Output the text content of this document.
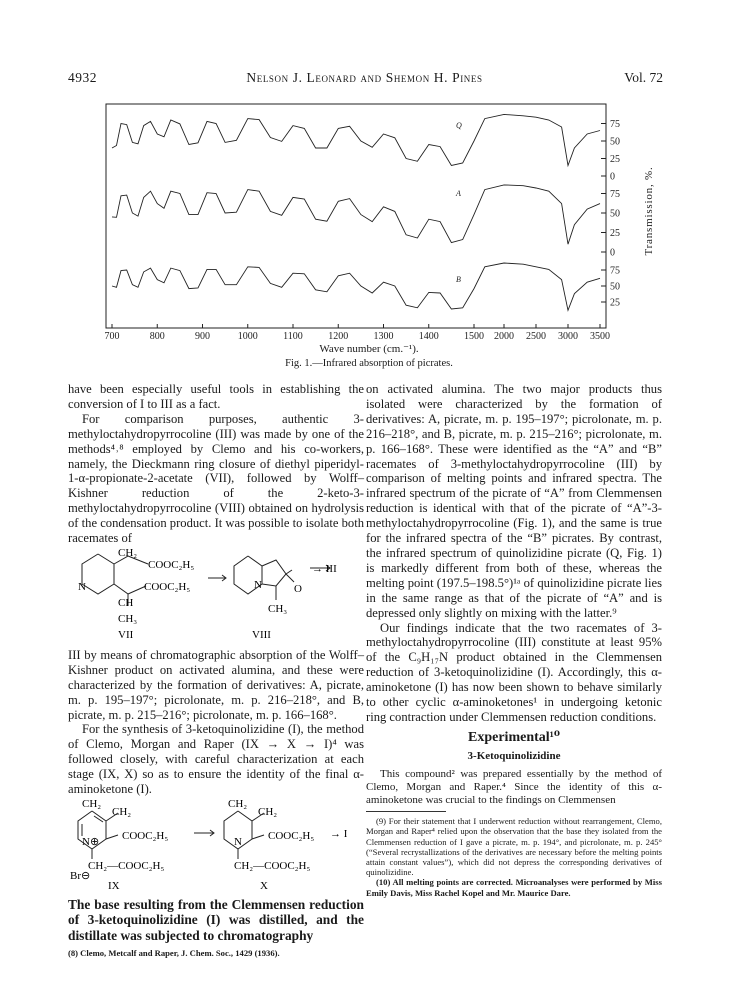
4932	Nelson J. Leonard and Shemon H. Pines	Vol. 72
700	800	900	1000	1100	1200	1300	1400	1500 2000 2500 3000 3500
75
50
25
0
75
50
25
0
75
50
25
Q
A
B
Transmission, %.
Wave number (cm.⁻¹).
Fig. 1.—Infrared absorption of picrates.

have been especially useful tools in establishing the conversion of I to III as a fact.

For comparison purposes, authentic 3-methyloctahydropyrrocoline (III) was made by one of the methods⁴˒⁸ employed by Clemo and his co-workers, namely, the Dieckmann ring closure of diethyl piperidyl-1-α-propionate-2-acetate (VII), followed by Wolff–Kishner reduction of the 2-keto-3-methyloctahydropyrrocoline (VIII) obtained on hydrolysis of the condensation product. It was possible to isolate both racemates of

CH₂
COOC₂H₅
N	COOC₂H₅
CH
CH₃
N	O
CH₃
→ III
VII	VIII

III by means of chromatographic absorption of the Wolff–Kishner product on activated alumina, and these were characterized by the formation of derivatives: A, picrate, m. p. 195–197°; picrolonate, m. p. 216–218°, and B, picrate, m. p. 215–216°; picrolonate, m. p. 166–168°.

For the synthesis of 3-ketoquinolizidine (I), the method of Clemo, Morgan and Raper (IX → X → I)⁴ was followed closely, with careful characterization at each stage (IX, X) so as to ensure the identity of the final α-aminoketone (I).

CH₂
CH₂
COOC₂H₅
N⊕
CH₂—COOC₂H₅
Br⊖
CH₂
CH₂
COOC₂H₅
N
CH₂—COOC₂H₅
→ I
IX	X

The base resulting from the Clemmensen reduction of 3-ketoquinolizidine (I) was distilled, and the distillate was subjected to chromatography

(8) Clemo, Metcalf and Raper, J. Chem. Soc., 1429 (1936).

on activated alumina. The two major products thus isolated were characterized by the formation of derivatives: A, picrate, m. p. 195–197°; picrolonate, m. p. 216–218°, and B, picrate, m. p. 215–216°; picrolonate, m. p. 166–168°. These were identified as the “A” and “B” racemates of 3-methyloctahydropyrrocoline (III) by comparison of melting points and infrared spectra. The infrared spectrum of the picrate of “A” from Clemmensen reduction is identical with that of the picrate of “A”-3-methyloctahydropyrrocoline (Fig. 1), and the same is true for the infrared spectra of the “B” picrates. By contrast, the infrared spectrum of quinolizidine picrate (Q, Fig. 1) is markedly different from both of these, whereas the melting point (197.5–198.5°)¹ᵃ of quinolizidine picrate lies in the same range as that of the picrate of “A” and is depressed only slightly on mixing with the latter.⁹

Our findings indicate that the two racemates of 3-methyloctahydropyrrocoline (III) constitute at least 95% of the C₉H₁₇N product obtained in the Clemmensen reduction of 3-ketoquinolizidine (I). Accordingly, this α-aminoketone (I) has now been shown to behave similarly to other cyclic α-aminoketones¹ in undergoing ketonic ring contraction under Clemmensen reduction conditions.

Experimental¹⁰
3-Ketoquinolizidine

This compound² was prepared essentially by the method of Clemo, Morgan and Raper.⁴ Since the identity of this α-aminoketone was crucial to the findings on Clemmensen

(9) For their statement that I underwent reduction without rearrangement, Clemo, Morgan and Raper⁴ relied upon the observation that the base they isolated from the Clemmensen reduction of I gave a picrate, m. p. 194°, and picrolonate, m. p. 245° (“Several recrystallizations of the derivatives are necessary before the melting points attain constant values”), which did not depress the corresponding derivatives of quinolizidine.

(10) All melting points are corrected. Microanalyses were performed by Miss Emily Davis, Miss Rachel Kopel and Mr. Maurice Dare.
